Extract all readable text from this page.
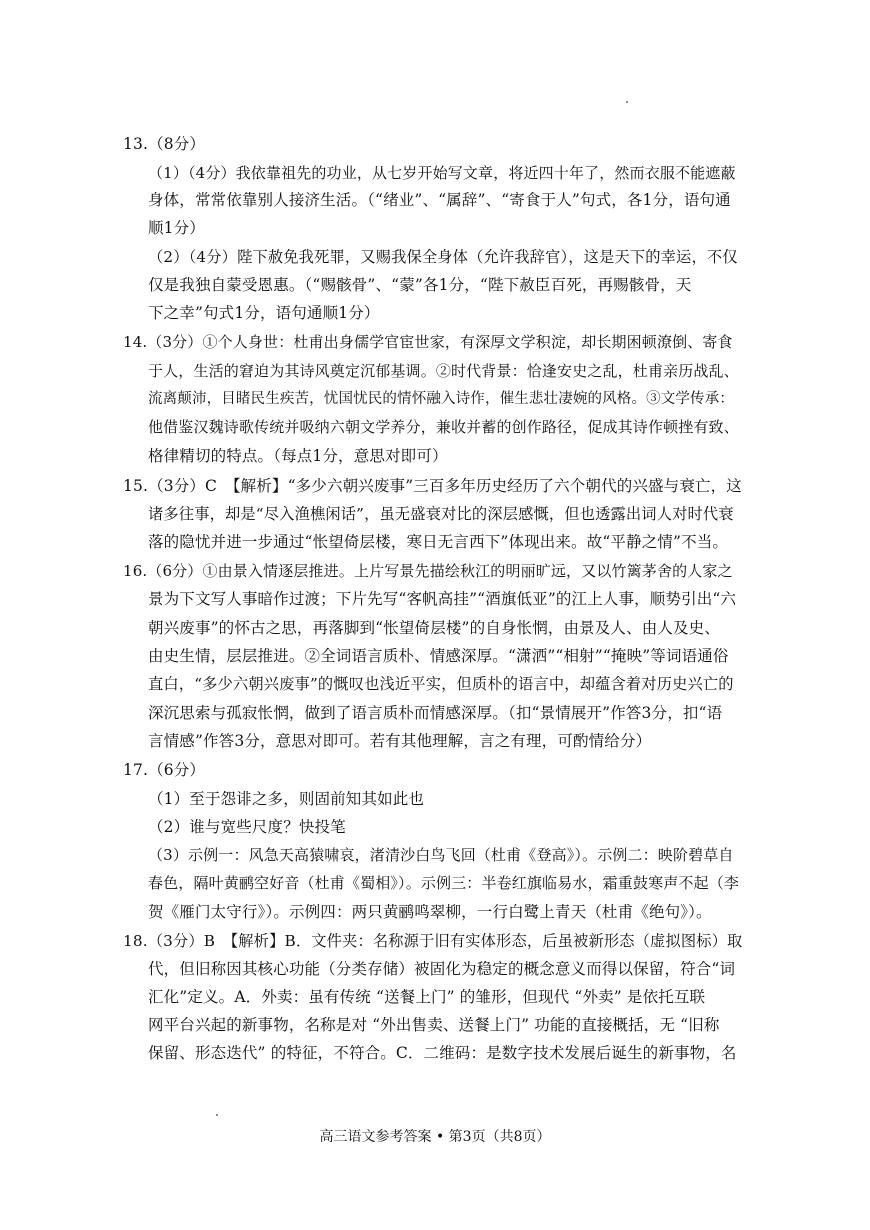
13.（8分）
（1）（4分）我依靠祖先的功业，从七岁开始写文章，将近四十年了，然而衣服不能遮蔽
身体，常常依靠别人接济生活。（“绪业”、“属辞”、“寄食于人”句式，各1分，语句通
顺1分）
（2）（4分）陛下赦免我死罪，又赐我保全身体（允许我辞官），这是天下的幸运，不仅
仅是我独自蒙受恩惠。（“赐骸骨”、“蒙”各1分，“陛下赦臣百死，再赐骸骨，天
下之幸”句式1分，语句通顺1分）
14.（3分）①个人身世：杜甫出身儒学官宦世家，有深厚文学积淀，却长期困顿潦倒、寄食
于人，生活的窘迫为其诗风奠定沉郁基调。②时代背景：恰逢安史之乱，杜甫亲历战乱、
流离颠沛，目睹民生疾苦，忧国忧民的情怀融入诗作，催生悲壮凄婉的风格。③文学传承：
他借鉴汉魏诗歌传统并吸纳六朝文学养分，兼收并蓄的创作路径，促成其诗作顿挫有致、
格律精切的特点。（每点1分，意思对即可）
15.（3分）C　【解析】“多少六朝兴废事”三百多年历史经历了六个朝代的兴盛与衰亡，这
诸多往事，却是“尽入渔樵闲话”，虽无盛衰对比的深层感慨，但也透露出词人对时代衰
落的隐忧并进一步通过“怅望倚层楼，寒日无言西下”体现出来。故“平静之情”不当。
16.（6分）①由景入情逐层推进。上片写景先描绘秋江的明丽旷远，又以竹篱茅舍的人家之
景为下文写人事暗作过渡；下片先写“客帆高挂”“酒旗低亚”的江上人事，顺势引出“六
朝兴废事”的怀古之思，再落脚到“怅望倚层楼”的自身怅惘，由景及人、由人及史、
由史生情，层层推进。②全词语言质朴、情感深厚。“潇洒”“相射”“掩映”等词语通俗
直白，“多少六朝兴废事”的慨叹也浅近平实，但质朴的语言中，却蕴含着对历史兴亡的
深沉思索与孤寂怅惘，做到了语言质朴而情感深厚。（扣“景情展开”作答3分，扣“语
言情感”作答3分，意思对即可。若有其他理解，言之有理，可酌情给分）
17.（6分）
（1）至于怨诽之多，则固前知其如此也
（2）谁与宽些尺度？快投笔
（3）示例一：风急天高猿啸哀，渚清沙白鸟飞回（杜甫《登高》）。示例二：映阶碧草自
春色，隔叶黄鹂空好音（杜甫《蜀相》）。示例三：半卷红旗临易水，霜重鼓寒声不起（李
贺《雁门太守行》）。示例四：两只黄鹂鸣翠柳，一行白鹭上青天（杜甫《绝句》）。
18.（3分）B　【解析】B．文件夹：名称源于旧有实体形态，后虽被新形态（虚拟图标）取
代，但旧称因其核心功能（分类存储）被固化为稳定的概念意义而得以保留，符合“词
汇化”定义。A．外卖：虽有传统 “送餐上门” 的雏形，但现代 “外卖” 是依托互联
网平台兴起的新事物，名称是对 “外出售卖、送餐上门” 功能的直接概括，无 “旧称
保留、形态迭代” 的特征，不符合。C．二维码：是数字技术发展后诞生的新事物，名
高三语文参考答案 • 第3页（共8页）
